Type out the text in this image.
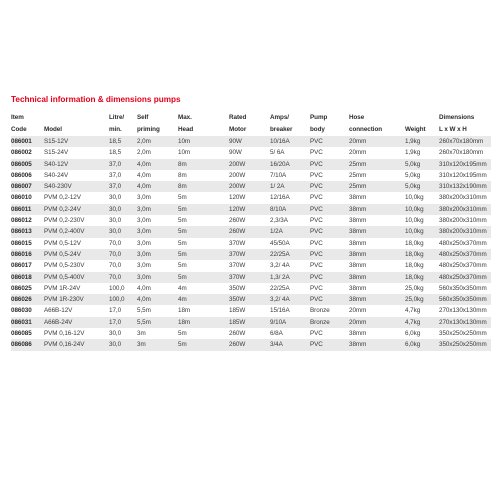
Technical information & dimensions pumps
Item		Litre/	Self	Max.	Rated	Amps/	Pump	Hose		Dimensions
Code	Model	min.	priming	Head	Motor	breaker	body	connection	Weight	L x W x H
086001	S15-12V	18,5	2,0m	10m	90W	10/16A	PVC	20mm	1,9kg	260x70x180mm
086002	S15-24V	18,5	2,0m	10m	90W	5/ 6A	PVC	20mm	1,9kg	260x70x180mm
086005	S40-12V	37,0	4,0m	8m	200W	16/20A	PVC	25mm	5,0kg	310x120x195mm
086006	S40-24V	37,0	4,0m	8m	200W	7/10A	PVC	25mm	5,0kg	310x120x195mm
086007	S40-230V	37,0	4,0m	8m	200W	1/ 2A	PVC	25mm	5,0kg	310x132x190mm
086010	PVM 0,2-12V	30,0	3,0m	5m	120W	12/16A	PVC	38mm	10,0kg	380x200x310mm
086011	PVM 0,2-24V	30,0	3,0m	5m	120W	8/10A	PVC	38mm	10,0kg	380x200x310mm
086012	PVM 0,2-230V	30,0	3,0m	5m	260W	2,3/3A	PVC	38mm	10,0kg	380x200x310mm
086013	PVM 0,2-400V	30,0	3,0m	5m	260W	1/2A	PVC	38mm	10,0kg	380x200x310mm
086015	PVM 0,5-12V	70,0	3,0m	5m	370W	45/50A	PVC	38mm	18,0kg	480x250x370mm
086016	PVM 0,5-24V	70,0	3,0m	5m	370W	22/25A	PVC	38mm	18,0kg	480x250x370mm
086017	PVM 0,5-230V	70,0	3,0m	5m	370W	3,2/ 4A	PVC	38mm	18,0kg	480x250x370mm
086018	PVM 0,5-400V	70,0	3,0m	5m	370W	1,3/ 2A	PVC	38mm	18,0kg	480x250x370mm
086025	PVM 1R-24V	100,0	4,0m	4m	350W	22/25A	PVC	38mm	25,0kg	560x350x350mm
086026	PVM 1R-230V	100,0	4,0m	4m	350W	3,2/ 4A	PVC	38mm	25,0kg	560x350x350mm
086030	A66B-12V	17,0	5,5m	18m	185W	15/16A	Bronze	20mm	4,7kg	270x130x130mm
086031	A66B-24V	17,0	5,5m	18m	185W	9/10A	Bronze	20mm	4,7kg	270x130x130mm
086085	PVM 0,16-12V	30,0	3m	5m	260W	6/8A	PVC	38mm	6,0kg	350x250x250mm
086086	PVM 0,16-24V	30,0	3m	5m	260W	3/4A	PVC	38mm	6,0kg	350x250x250mm
